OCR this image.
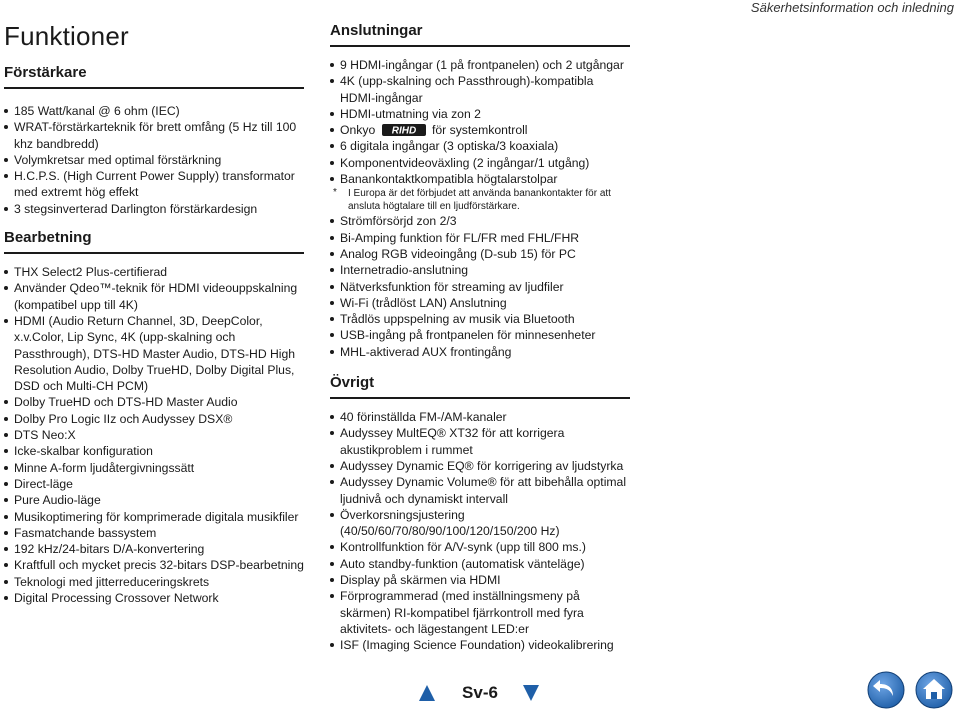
Säkerhetsinformation och inledning
Funktioner
Förstärkare
185 Watt/kanal @ 6 ohm (IEC)
WRAT-förstärkarteknik för brett omfång (5 Hz till 100 khz bandbredd)
Volymkretsar med optimal förstärkning
H.C.P.S. (High Current Power Supply) transformator med extremt hög effekt
3 stegsinverterad Darlington förstärkardesign
Bearbetning
THX Select2 Plus-certifierad
Använder Qdeo™-teknik för HDMI videouppskalning (kompatibel upp till 4K)
HDMI (Audio Return Channel, 3D, DeepColor, x.v.Color, Lip Sync, 4K (upp-skalning och Passthrough), DTS-HD Master Audio, DTS-HD High Resolution Audio, Dolby TrueHD, Dolby Digital Plus, DSD och Multi-CH PCM)
Dolby TrueHD och DTS-HD Master Audio
Dolby Pro Logic IIz och Audyssey DSX®
DTS Neo:X
Icke-skalbar konfiguration
Minne A-form ljudåtergivningssätt
Direct-läge
Pure Audio-läge
Musikoptimering för komprimerade digitala musikfiler
Fasmatchande bassystem
192 kHz/24-bitars D/A-konvertering
Kraftfull och mycket precis 32-bitars DSP-bearbetning
Teknologi med jitterreduceringskrets
Digital Processing Crossover Network
Anslutningar
9 HDMI-ingångar (1 på frontpanelen) och 2 utgångar
4K (upp-skalning och Passthrough)-kompatibla HDMI-ingångar
HDMI-utmatning via zon 2
Onkyo RIHD för systemkontroll
6 digitala ingångar (3 optiska/3 koaxiala)
Komponentvideoväxling (2 ingångar/1 utgång)
Banankontaktkompatibla högtalarstolpar
* I Europa är det förbjudet att använda banankontakter för att ansluta högtalare till en ljudförstärkare.
Strömförsörjd zon 2/3
Bi-Amping funktion för FL/FR med FHL/FHR
Analog RGB videoingång (D-sub 15) för PC
Internetradio-anslutning
Nätverksfunktion för streaming av ljudfiler
Wi-Fi (trådlöst LAN) Anslutning
Trådlös uppspelning av musik via Bluetooth
USB-ingång på frontpanelen för minnesenheter
MHL-aktiverad AUX frontingång
Övrigt
40 förinställda FM-/AM-kanaler
Audyssey MultEQ® XT32 för att korrigera akustikproblem i rummet
Audyssey Dynamic EQ® för korrigering av ljudstyrka
Audyssey Dynamic Volume® för att bibehålla optimal ljudnivå och dynamiskt intervall
Överkorsningsjustering (40/50/60/70/80/90/100/120/150/200 Hz)
Kontrollfunktion för A/V-synk (upp till 800 ms.)
Auto standby-funktion (automatisk vänteläge)
Display på skärmen via HDMI
Förprogrammerad (med inställningsmeny på skärmen) RI-kompatibel fjärrkontroll med fyra aktivitets- och lägestangent LED:er
ISF (Imaging Science Foundation) videokalibrering
Sv-6
